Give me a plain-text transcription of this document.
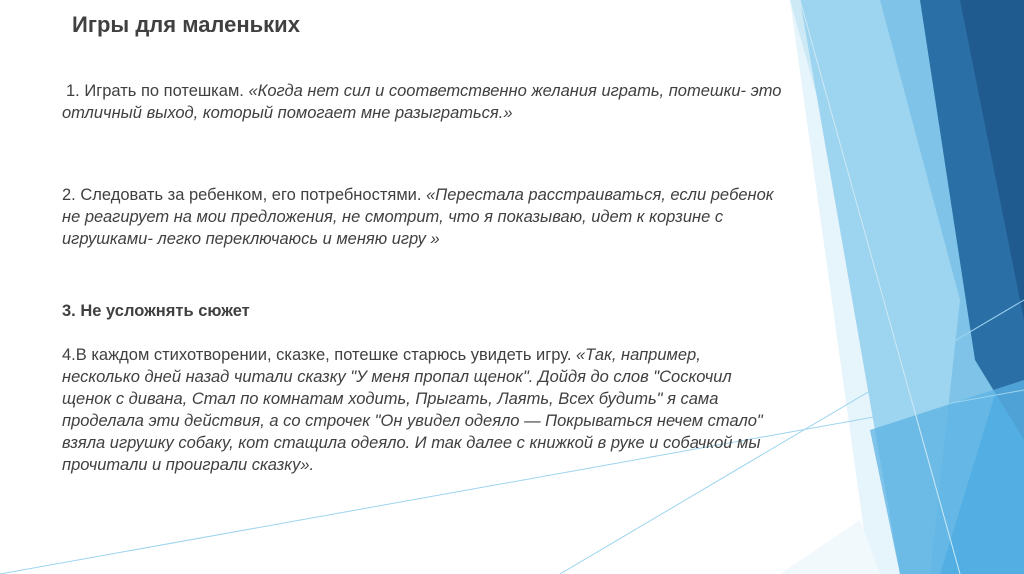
Игры для маленьких
1. Играть по потешкам. «Когда нет сил и соответственно желания играть, потешки- это отличный выход, который помогает мне разыграться.»
2. Следовать за ребенком, его потребностями. «Перестала расстраиваться, если ребенок не реагирует на мои предложения, не смотрит, что я показываю, идет к корзине с игрушками- легко переключаюсь и меняю игру »
3. Не усложнять сюжет
4.В каждом стихотворении, сказке, потешке старюсь увидеть игру. «Так, например, несколько дней назад читали сказку "У меня пропал щенок". Дойдя до слов "Соскочил щенок с дивана, Стал по комнатам ходить, Прыгать, Лаять, Всех будить" я сама проделала эти действия, а со строчек "Он увидел одеяло — Покрываться нечем стало" взяла игрушку собаку, кот стащила одеяло. И так далее с книжкой в руке и собачкой мы прочитали и проиграли сказку».
